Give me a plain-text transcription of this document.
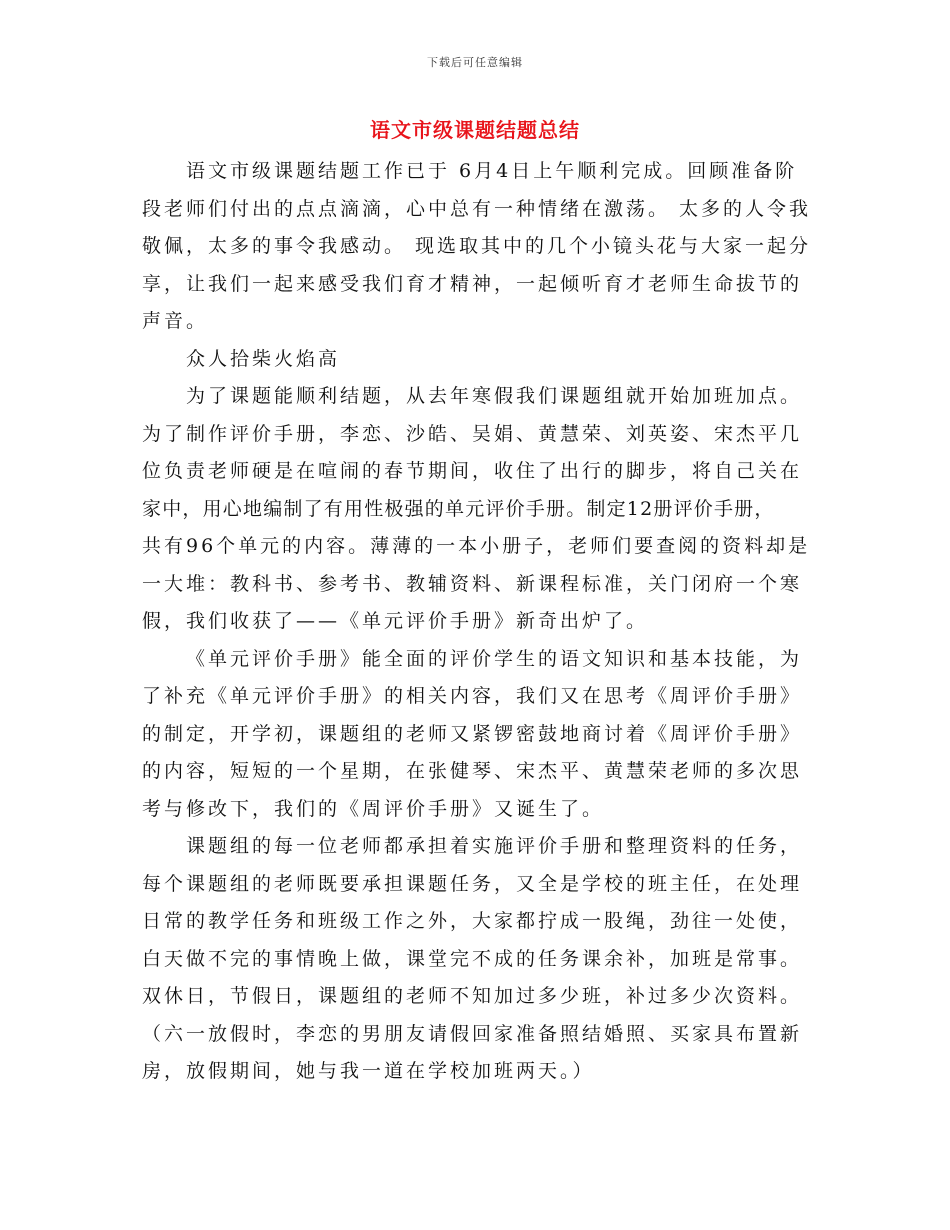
下载后可任意编辑
语文市级课题结题总结
语文市级课题结题工作已于 6月4日上午顺利完成。回顾准备阶
段老师们付出的点点滴滴，心中总有一种情绪在激荡。 太多的人令我
敬佩，太多的事令我感动。 现选取其中的几个小镜头花与大家一起分
享，让我们一起来感受我们育才精神，一起倾听育才老师生命拔节的
声音。
众人拾柴火焰高
为了课题能顺利结题，从去年寒假我们课题组就开始加班加点。
为了制作评价手册，李恋、沙皓、吴娟、黄慧荣、刘英姿、宋杰平几
位负责老师硬是在喧闹的春节期间，收住了出行的脚步，将自己关在
家中，用心地编制了有用性极强的单元评价手册。制定12册评价手册，
共有96个单元的内容。薄薄的一本小册子，老师们要查阅的资料却是
一大堆：教科书、参考书、教辅资料、新课程标准，关门闭府一个寒
假，我们收获了——《单元评价手册》新奇出炉了。
《单元评价手册》能全面的评价学生的语文知识和基本技能，为
了补充《单元评价手册》的相关内容，我们又在思考《周评价手册》
的制定，开学初，课题组的老师又紧锣密鼓地商讨着《周评价手册》
的内容，短短的一个星期，在张健琴、宋杰平、黄慧荣老师的多次思
考与修改下，我们的《周评价手册》又诞生了。
课题组的每一位老师都承担着实施评价手册和整理资料的任务，
每个课题组的老师既要承担课题任务，又全是学校的班主任，在处理
日常的教学任务和班级工作之外，大家都拧成一股绳，劲往一处使，
白天做不完的事情晚上做，课堂完不成的任务课余补，加班是常事。
双休日，节假日，课题组的老师不知加过多少班，补过多少次资料。
（六一放假时，李恋的男朋友请假回家准备照结婚照、买家具布置新
房，放假期间，她与我一道在学校加班两天。）
